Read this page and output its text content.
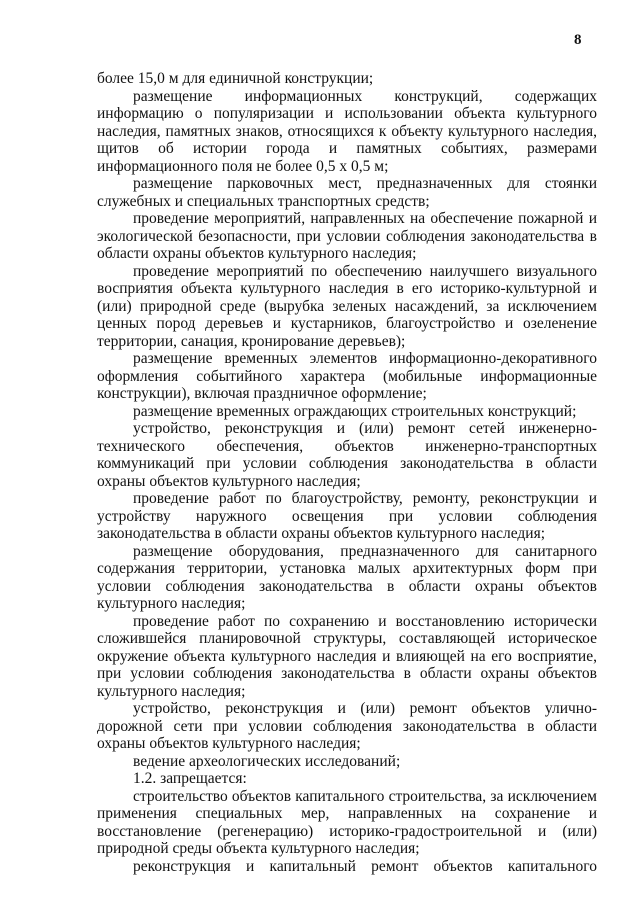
8

более 15,0 м для единичной конструкции;

размещение информационных конструкций, содержащих информацию о популяризации и использовании объекта культурного наследия, памятных знаков, относящихся к объекту культурного наследия, щитов об истории города и памятных событиях, размерами информационного поля не более 0,5 х 0,5 м;

размещение парковочных мест, предназначенных для стоянки служебных и специальных транспортных средств;

проведение мероприятий, направленных на обеспечение пожарной и экологической безопасности, при условии соблюдения законодательства в области охраны объектов культурного наследия;

проведение мероприятий по обеспечению наилучшего визуального восприятия объекта культурного наследия в его историко-культурной и (или) природной среде (вырубка зеленых насаждений, за исключением ценных пород деревьев и кустарников, благоустройство и озеленение территории, санация, кронирование деревьев);

размещение временных элементов информационно-декоративного оформления событийного характера (мобильные информационные конструкции), включая праздничное оформление;

размещение временных ограждающих строительных конструкций;

устройство, реконструкция и (или) ремонт сетей инженерно-технического обеспечения, объектов инженерно-транспортных коммуникаций при условии соблюдения законодательства в области охраны объектов культурного наследия;

проведение работ по благоустройству, ремонту, реконструкции и устройству наружного освещения при условии соблюдения законодательства в области охраны объектов культурного наследия;

размещение оборудования, предназначенного для санитарного содержания территории, установка малых архитектурных форм при условии соблюдения законодательства в области охраны объектов культурного наследия;

проведение работ по сохранению и восстановлению исторически сложившейся планировочной структуры, составляющей историческое окружение объекта культурного наследия и влияющей на его восприятие, при условии соблюдения законодательства в области охраны объектов культурного наследия;

устройство, реконструкция и (или) ремонт объектов улично-дорожной сети при условии соблюдения законодательства в области охраны объектов культурного наследия;

ведение археологических исследований;

1.2. запрещается:

строительство объектов капитального строительства, за исключением применения специальных мер, направленных на сохранение и восстановление (регенерацию) историко-градостроительной и (или) природной среды объекта культурного наследия;

реконструкция и капитальный ремонт объектов капитального
